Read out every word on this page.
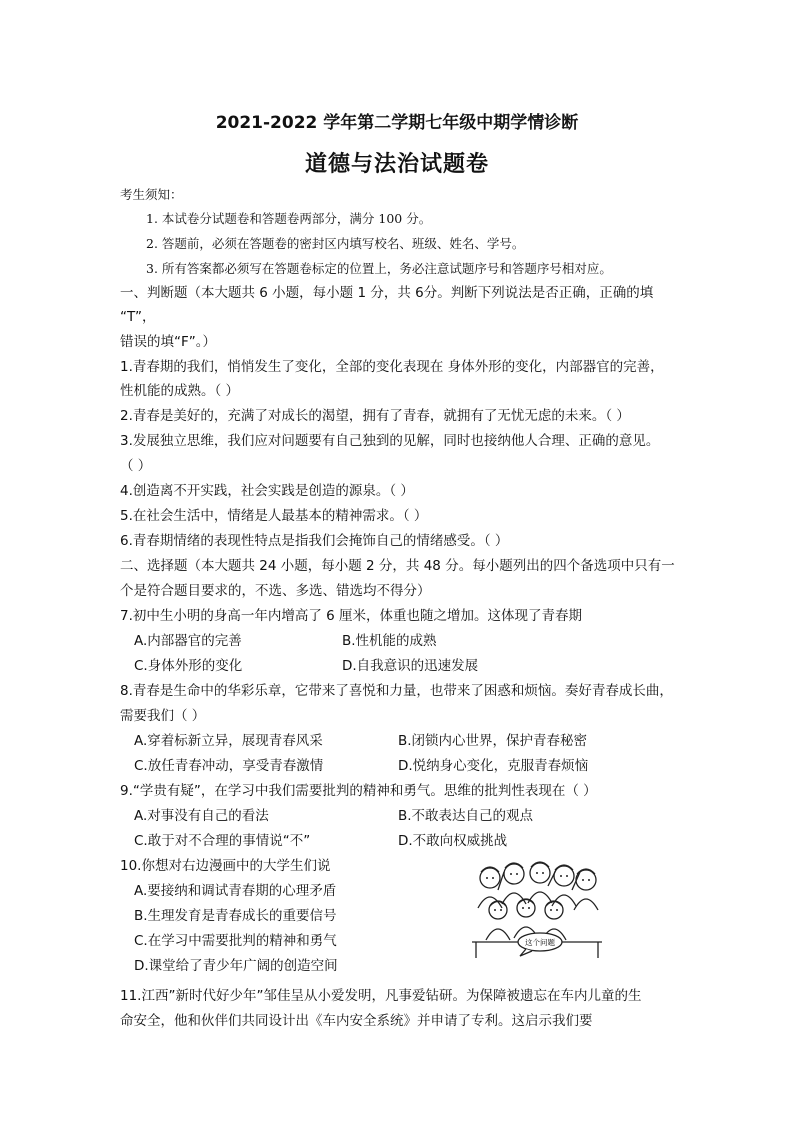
2021-2022 学年第二学期七年级中期学情诊断
道德与法治试题卷
考生须知：
1. 本试卷分试题卷和答题卷两部分，满分 100 分。
2. 答题前，必须在答题卷的密封区内填写校名、班级、姓名、学号。
3. 所有答案都必须写在答题卷标定的位置上，务必注意试题序号和答题序号相对应。
一、判断题（本大题共 6 小题，每小题 1 分，共 6分。判断下列说法是否正确，正确的填
“T”，
错误的填“F”。）
1.青春期的我们，悄悄发生了变化，全部的变化表现在 身体外形的变化，内部器官的完善，
性机能的成熟。（ ）
2.青春是美好的，充满了对成长的渴望，拥有了青春，就拥有了无忧无虑的未来。（ ）
3.发展独立思维，我们应对问题要有自己独到的见解，同时也接纳他人合理、正确的意见。
（ ）
4.创造离不开实践，社会实践是创造的源泉。（ ）
5.在社会生活中，情绪是人最基本的精神需求。（ ）
6.青春期情绪的表现性特点是指我们会掩饰自己的情绪感受。（ ）
二、选择题（本大题共 24 小题，每小题 2 分，共 48 分。每小题列出的四个备选项中只有一
个是符合题目要求的，不选、多选、错选均不得分）
7.初中生小明的身高一年内增高了 6 厘米，体重也随之增加。这体现了青春期
A.内部器官的完善	B.性机能的成熟
C.身体外形的变化	D.自我意识的迅速发展
8.青春是生命中的华彩乐章，它带来了喜悦和力量，也带来了困惑和烦恼。奏好青春成长曲，
需要我们（ ）
A.穿着标新立异，展现青春风采	B.闭锁内心世界，保护青春秘密
C.放任青春冲动，享受青春激情	D.悦纳身心变化，克服青春烦恼
9.“学贵有疑”，在学习中我们需要批判的精神和勇气。思维的批判性表现在（ ）
A.对事没有自己的看法	B.不敢表达自己的观点
C.敢于对不合理的事情说“不”	D.不敢向权威挑战
10.你想对右边漫画中的大学生们说
A.要接纳和调试青春期的心理矛盾
B.生理发育是青春成长的重要信号
C.在学习中需要批判的精神和勇气
D.课堂给了青少年广阔的创造空间
这个问题
11.江西”新时代好少年”邹佳呈从小爱发明，凡事爱钻研。为保障被遗忘在车内儿童的生
命安全，他和伙伴们共同设计出《车内安全系统》并申请了专利。这启示我们要
